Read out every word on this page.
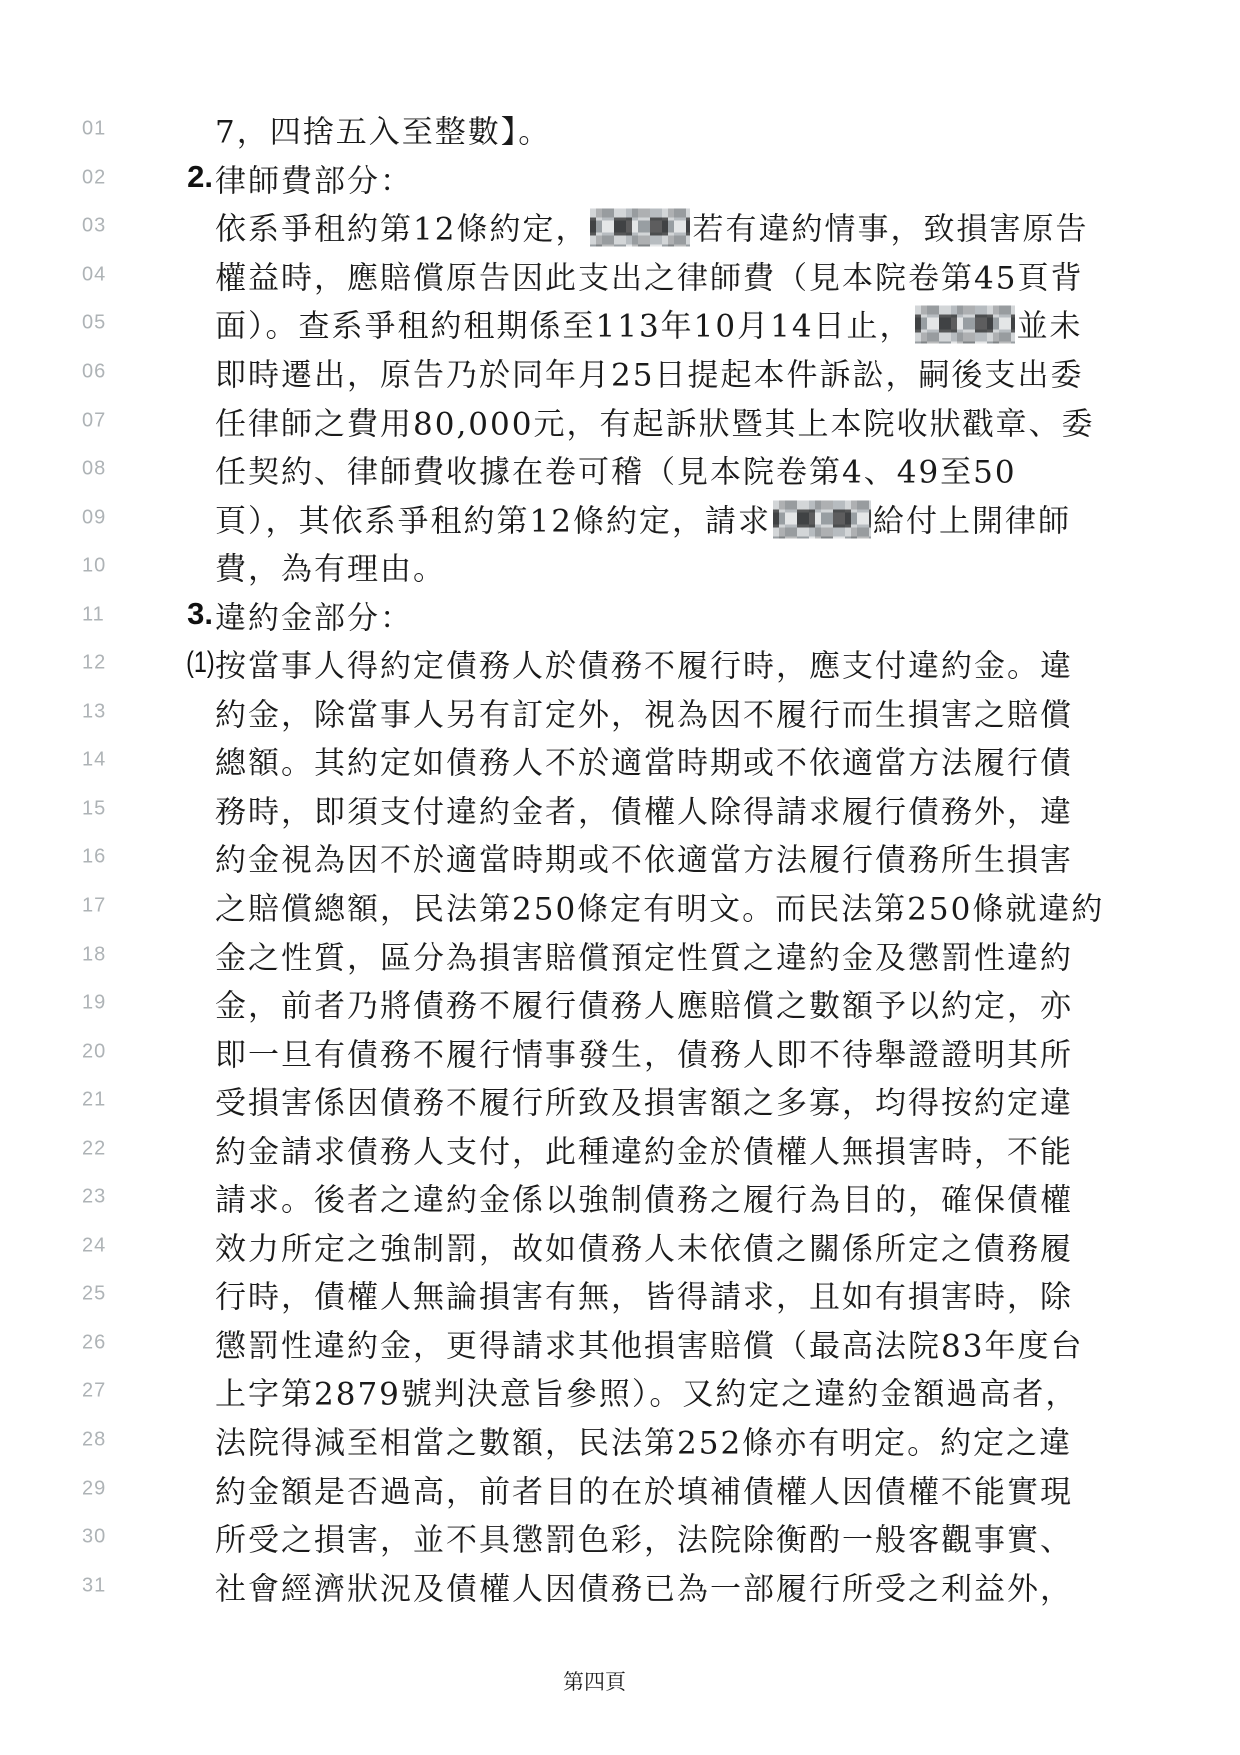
01	7，四捨五入至整數】。
02	2. 律師費部分：
03	依系爭租約第12條約定，	若有違約情事，致損害原告
04	權益時，應賠償原告因此支出之律師費（見本院卷第45頁背
05	面）。查系爭租約租期係至113年10月14日止，	並未
06	即時遷出，原告乃於同年月25日提起本件訴訟，嗣後支出委
07	任律師之費用80,000元，有起訴狀暨其上本院收狀戳章、委
08	任契約、律師費收據在卷可稽（見本院卷第4、49至50
09	頁），其依系爭租約第12條約定，請求	給付上開律師
10	費，為有理由。
11	3. 違約金部分：
12	(1) 按當事人得約定債務人於債務不履行時，應支付違約金。違
13	約金，除當事人另有訂定外，視為因不履行而生損害之賠償
14	總額。其約定如債務人不於適當時期或不依適當方法履行債
15	務時，即須支付違約金者，債權人除得請求履行債務外，違
16	約金視為因不於適當時期或不依適當方法履行債務所生損害
17	之賠償總額，民法第250條定有明文。而民法第250條就違約
18	金之性質，區分為損害賠償預定性質之違約金及懲罰性違約
19	金，前者乃將債務不履行債務人應賠償之數額予以約定，亦
20	即一旦有債務不履行情事發生，債務人即不待舉證證明其所
21	受損害係因債務不履行所致及損害額之多寡，均得按約定違
22	約金請求債務人支付，此種違約金於債權人無損害時，不能
23	請求。後者之違約金係以強制債務之履行為目的，確保債權
24	效力所定之強制罰，故如債務人未依債之關係所定之債務履
25	行時，債權人無論損害有無，皆得請求，且如有損害時，除
26	懲罰性違約金，更得請求其他損害賠償（最高法院83年度台
27	上字第2879號判決意旨參照）。又約定之違約金額過高者，
28	法院得減至相當之數額，民法第252條亦有明定。約定之違
29	約金額是否過高，前者目的在於填補債權人因債權不能實現
30	所受之損害，並不具懲罰色彩，法院除衡酌一般客觀事實、
31	社會經濟狀況及債權人因債務已為一部履行所受之利益外，
第四頁
